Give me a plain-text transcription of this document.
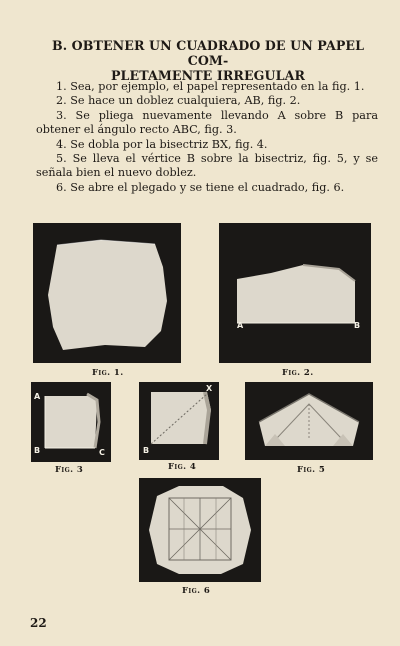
B. OBTENER UN CUADRADO DE UN PAPEL COM-
PLETAMENTE IRREGULAR

1. Sea, por ejemplo, el papel representado en la fig. 1.

2. Se hace un doblez cualquiera, AB, fig. 2.

3. Se pliega nuevamente llevando A sobre B para obtener el ángulo recto ABC, fig. 3.

4. Se dobla por la bisectriz BX, fig. 4.

5. Se lleva el vértice B sobre la bisectriz, fig. 5, y se señala bien el nuevo doblez.

6. Se abre el plegado y se tiene el cuadrado, fig. 6.

Fig. 1.
A	B
Fig. 2.
A
B	C
Fig. 3
B
X
Fig. 4	Fig. 5
Fig. 6
22
